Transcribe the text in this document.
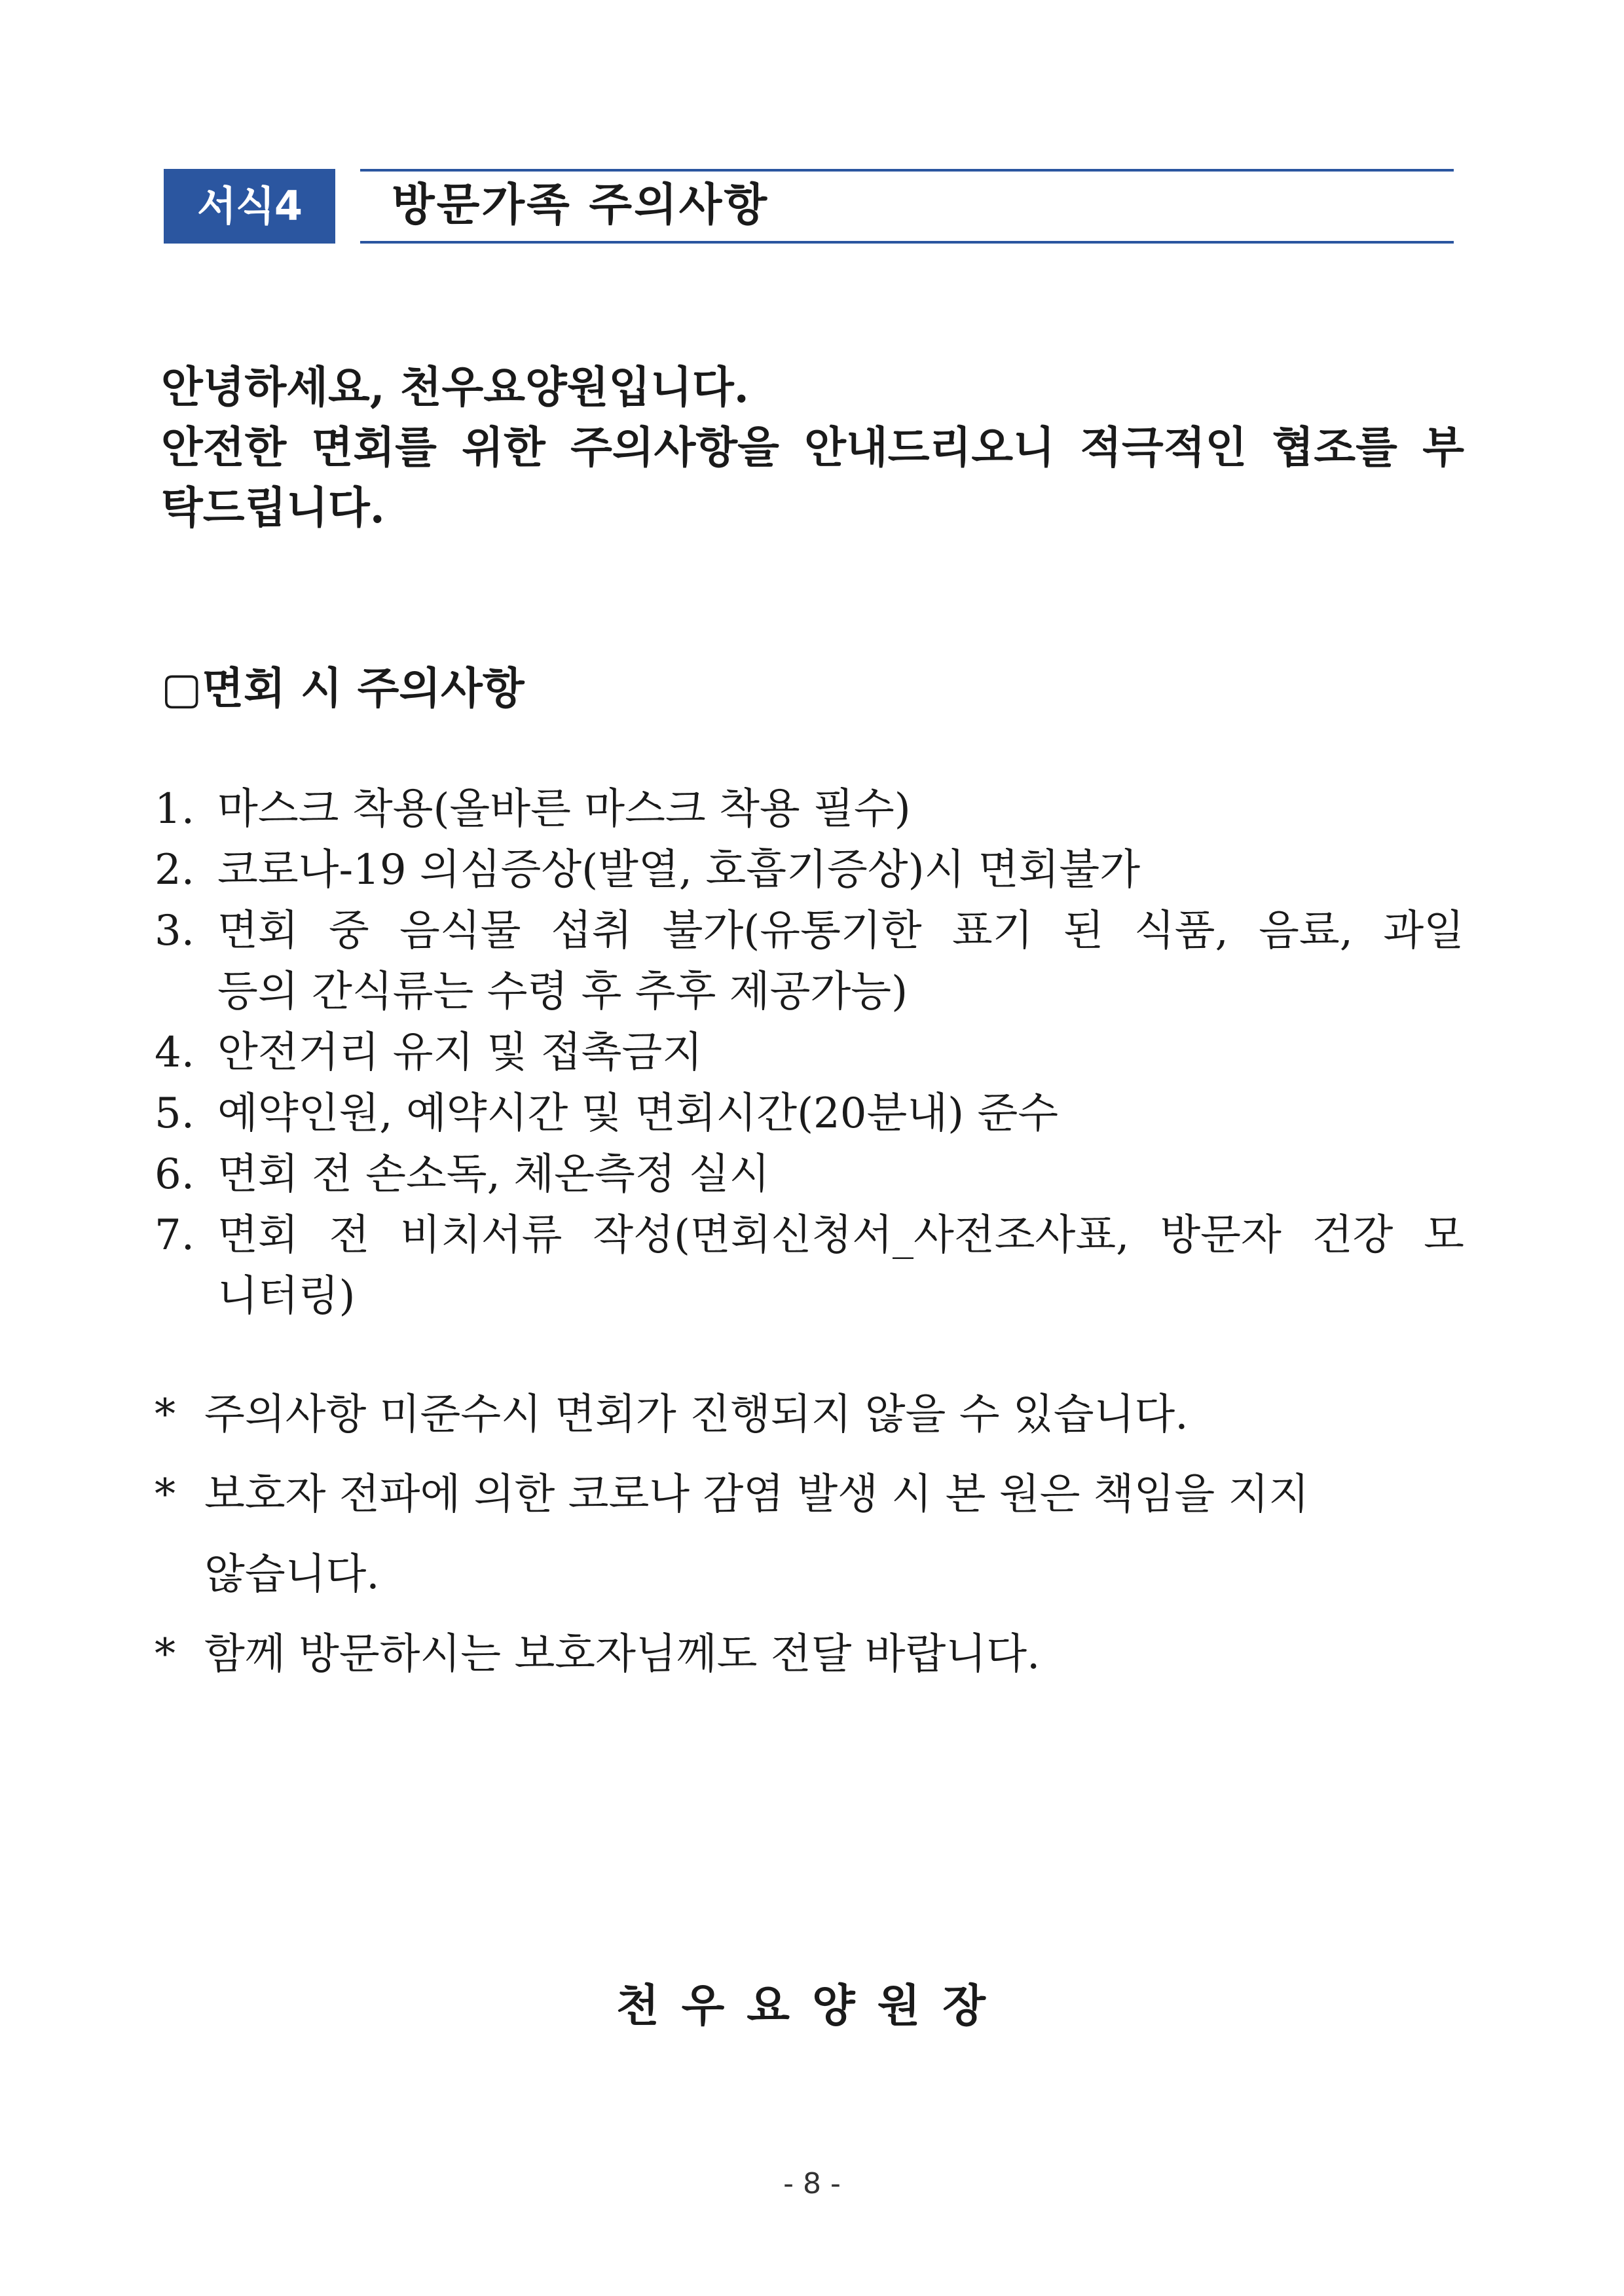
서식4	방문가족 주의사항
안녕하세요, 천우요양원입니다.
안전한 면회를 위한 주의사항을 안내드리오니 적극적인 협조를 부
탁드립니다.
▢면회 시 주의사항
1. 마스크 착용(올바른 마스크 착용 필수)
2. 코로나-19 의심증상(발열, 호흡기증상)시 면회불가
3. 면회 중 음식물 섭취 불가(유통기한 표기 된 식품, 음료, 과일
등의 간식류는 수령 후 추후 제공가능)
4. 안전거리 유지 및 접촉금지
5. 예약인원, 예약시간 및 면회시간(20분내) 준수
6. 면회 전 손소독, 체온측정 실시
7. 면회 전 비치서류 작성(면회신청서_사전조사표, 방문자 건강 모
니터링)
* 주의사항 미준수시 면회가 진행되지 않을 수 있습니다.
* 보호자 전파에 의한 코로나 감염 발생 시 본 원은 책임을 지지
않습니다.
* 함께 방문하시는 보호자님께도 전달 바랍니다.
천우요양원장
- 8 -
